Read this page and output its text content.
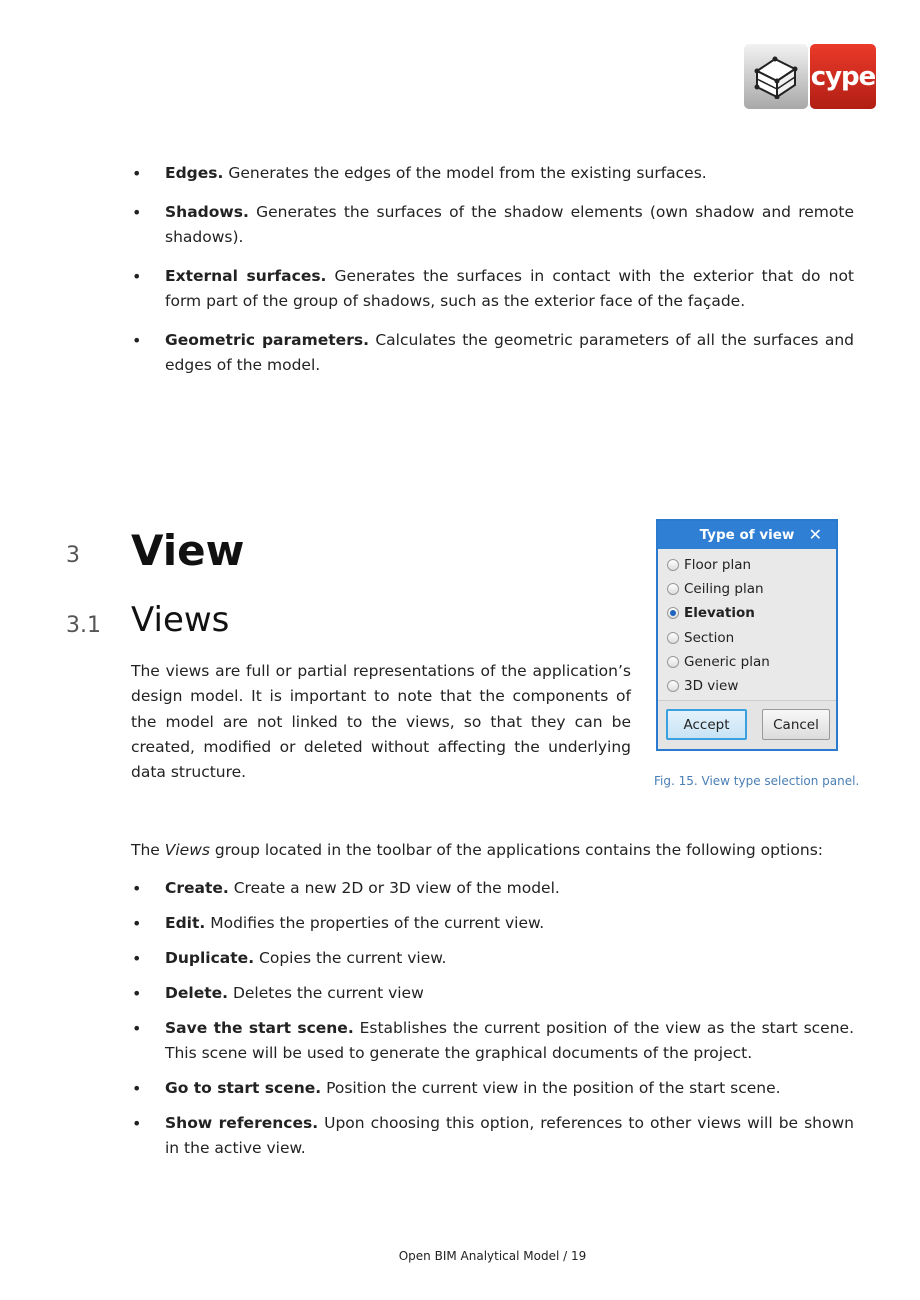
cype
• Edges. Generates the edges of the model from the existing surfaces.
• Shadows. Generates the surfaces of the shadow elements (own shadow and remote shadows).
• External surfaces. Generates the surfaces in contact with the exterior that do not form part of the group of shadows, such as the exterior face of the façade.
• Geometric parameters. Calculates the geometric parameters of all the surfaces and edges of the model.
3 View
3.1 Views
The views are full or partial representations of the application’s design model. It is important to note that the components of the model are not linked to the views, so that they can be created, modified or deleted without affecting the underlying data structure.
Type of view ✕
Floor plan
Ceiling plan
Elevation
Section
Generic plan
3D view
Accept	Cancel
Fig. 15. View type selection panel.
The Views group located in the toolbar of the applications contains the following options:
• Create. Create a new 2D or 3D view of the model.
• Edit. Modifies the properties of the current view.
• Duplicate. Copies the current view.
• Delete. Deletes the current view
• Save the start scene. Establishes the current position of the view as the start scene. This scene will be used to generate the graphical documents of the project.
• Go to start scene. Position the current view in the position of the start scene.
• Show references. Upon choosing this option, references to other views will be shown in the active view.
Open BIM Analytical Model / 19
